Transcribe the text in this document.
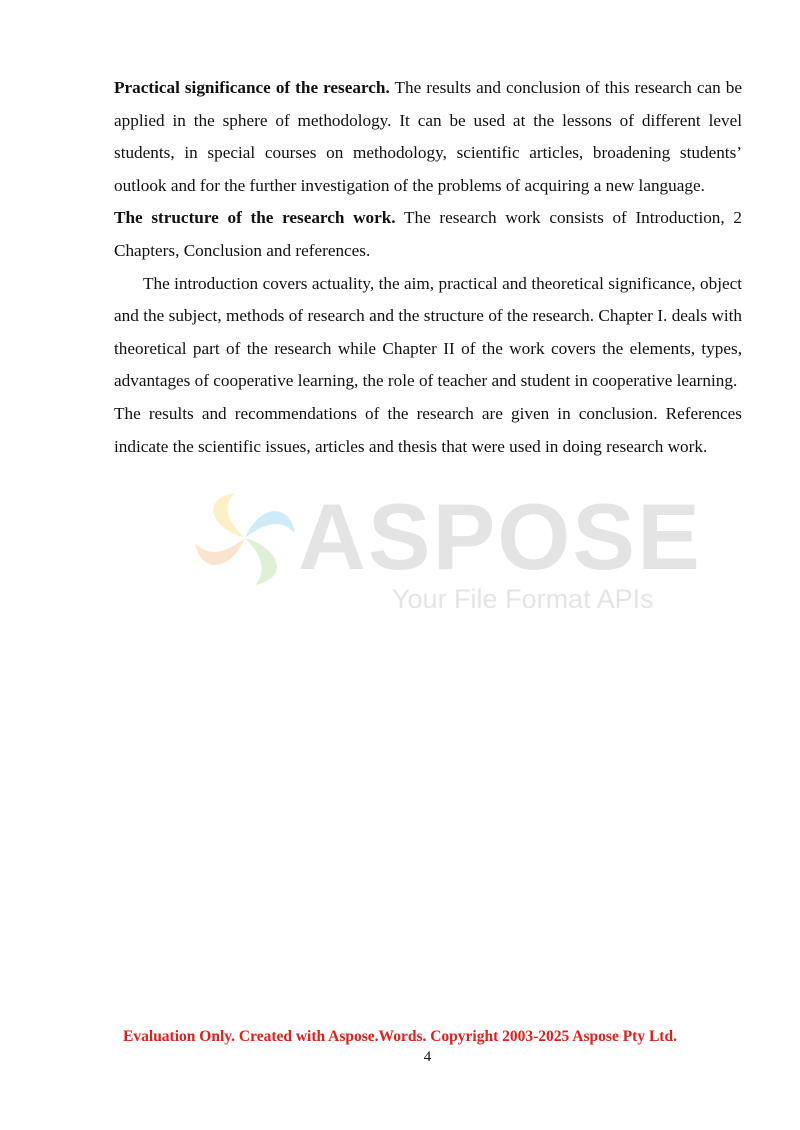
ASPOSE
Your File Format APIs

Practical significance of the research. The results and conclusion of this research can be applied in the sphere of methodology. It can be used at the lessons of different level students, in special courses on methodology, scientific articles, broadening students’ outlook and for the further investigation of the problems of acquiring a new language.

The structure of the research work. The research work consists of Introduction, 2 Chapters, Conclusion and references.

The introduction covers actuality, the aim, practical and theoretical significance, object and the subject, methods of research and the structure of the research. Chapter I. deals with theoretical part of the research while Chapter II of the work covers the elements, types, advantages of cooperative learning, the role of teacher and student in cooperative learning.

The results and recommendations of the research are given in conclusion. References indicate the scientific issues, articles and thesis that were used in doing research work.

Evaluation Only. Created with Aspose.Words. Copyright 2003-2025 Aspose Pty Ltd.
4
